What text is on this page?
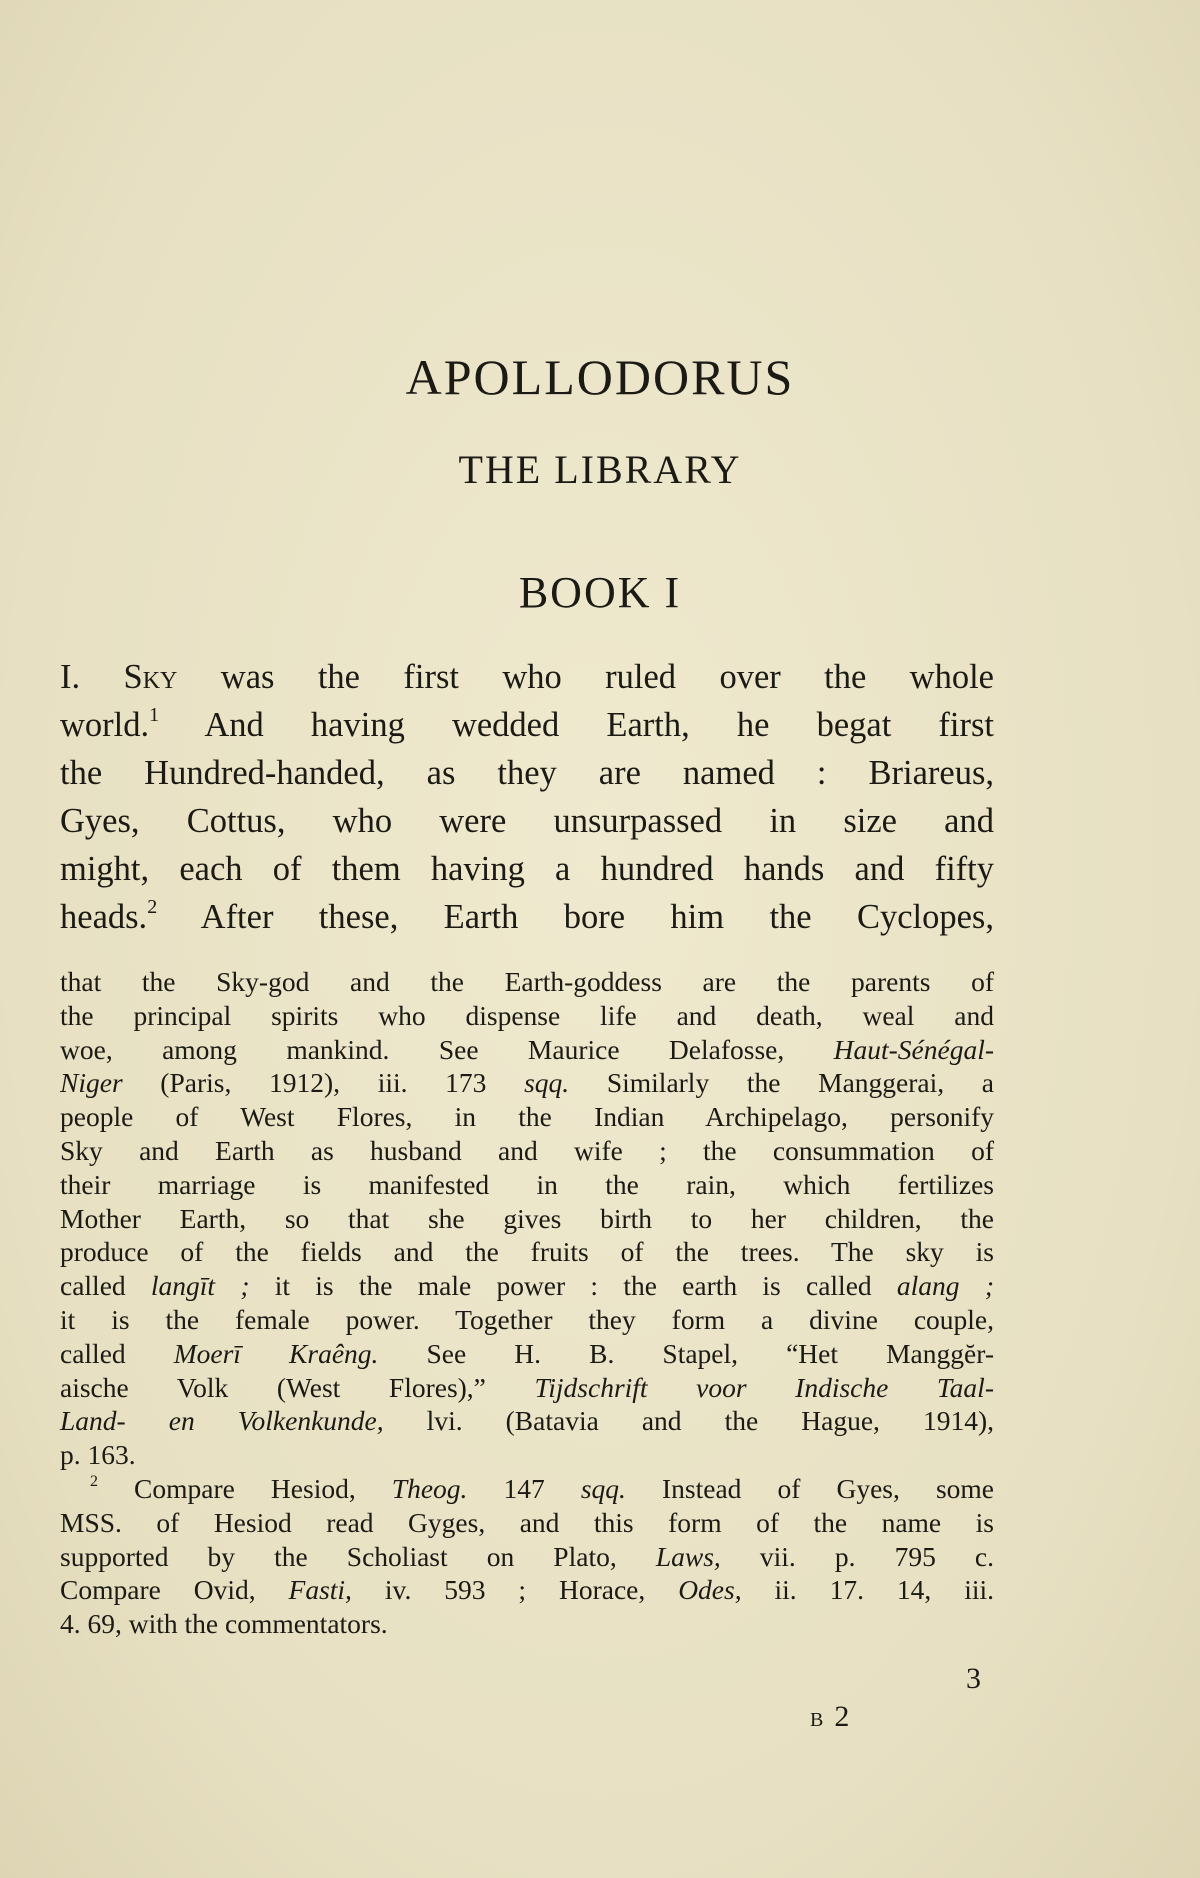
APOLLODORUS
THE LIBRARY
BOOK I
I. Sky was the first who ruled over the whole
world.$^1$ And having wedded Earth, he begat first
the Hundred-handed, as they are named : Briareus,
Gyes, Cottus, who were unsurpassed in size and
might, each of them having a hundred hands and fifty
heads.$^2$ After these, Earth bore him the Cyclopes,
that the Sky-god and the Earth-goddess are the parents of
the principal spirits who dispense life and death, weal and
woe, among mankind. See Maurice Delafosse, Haut-Sénégal-
Niger (Paris, 1912), iii. 173 sqq. Similarly the Manggerai, a
people of West Flores, in the Indian Archipelago, personify
Sky and Earth as husband and wife ; the consummation of
their marriage is manifested in the rain, which fertilizes
Mother Earth, so that she gives birth to her children, the
produce of the fields and the fruits of the trees. The sky is
called langīt ; it is the male power : the earth is called alang ;
it is the female power. Together they form a divine couple,
called Moerī Kraêng. See H. B. Stapel, “Het Manggĕr-
aische Volk (West Flores),” Tijdschrift voor Indische Taal-
Land- en Volkenkunde, lvi. (Batavia and the Hague, 1914),
p. 163.
$^2$ Compare Hesiod, Theog. 147 sqq. Instead of Gyes, some
MSS. of Hesiod read Gyges, and this form of the name is
supported by the Scholiast on Plato, Laws, vii. p. 795 c.
Compare Ovid, Fasti, iv. 593 ; Horace, Odes, ii. 17. 14, iii.
4. 69, with the commentators.
3
B 2
